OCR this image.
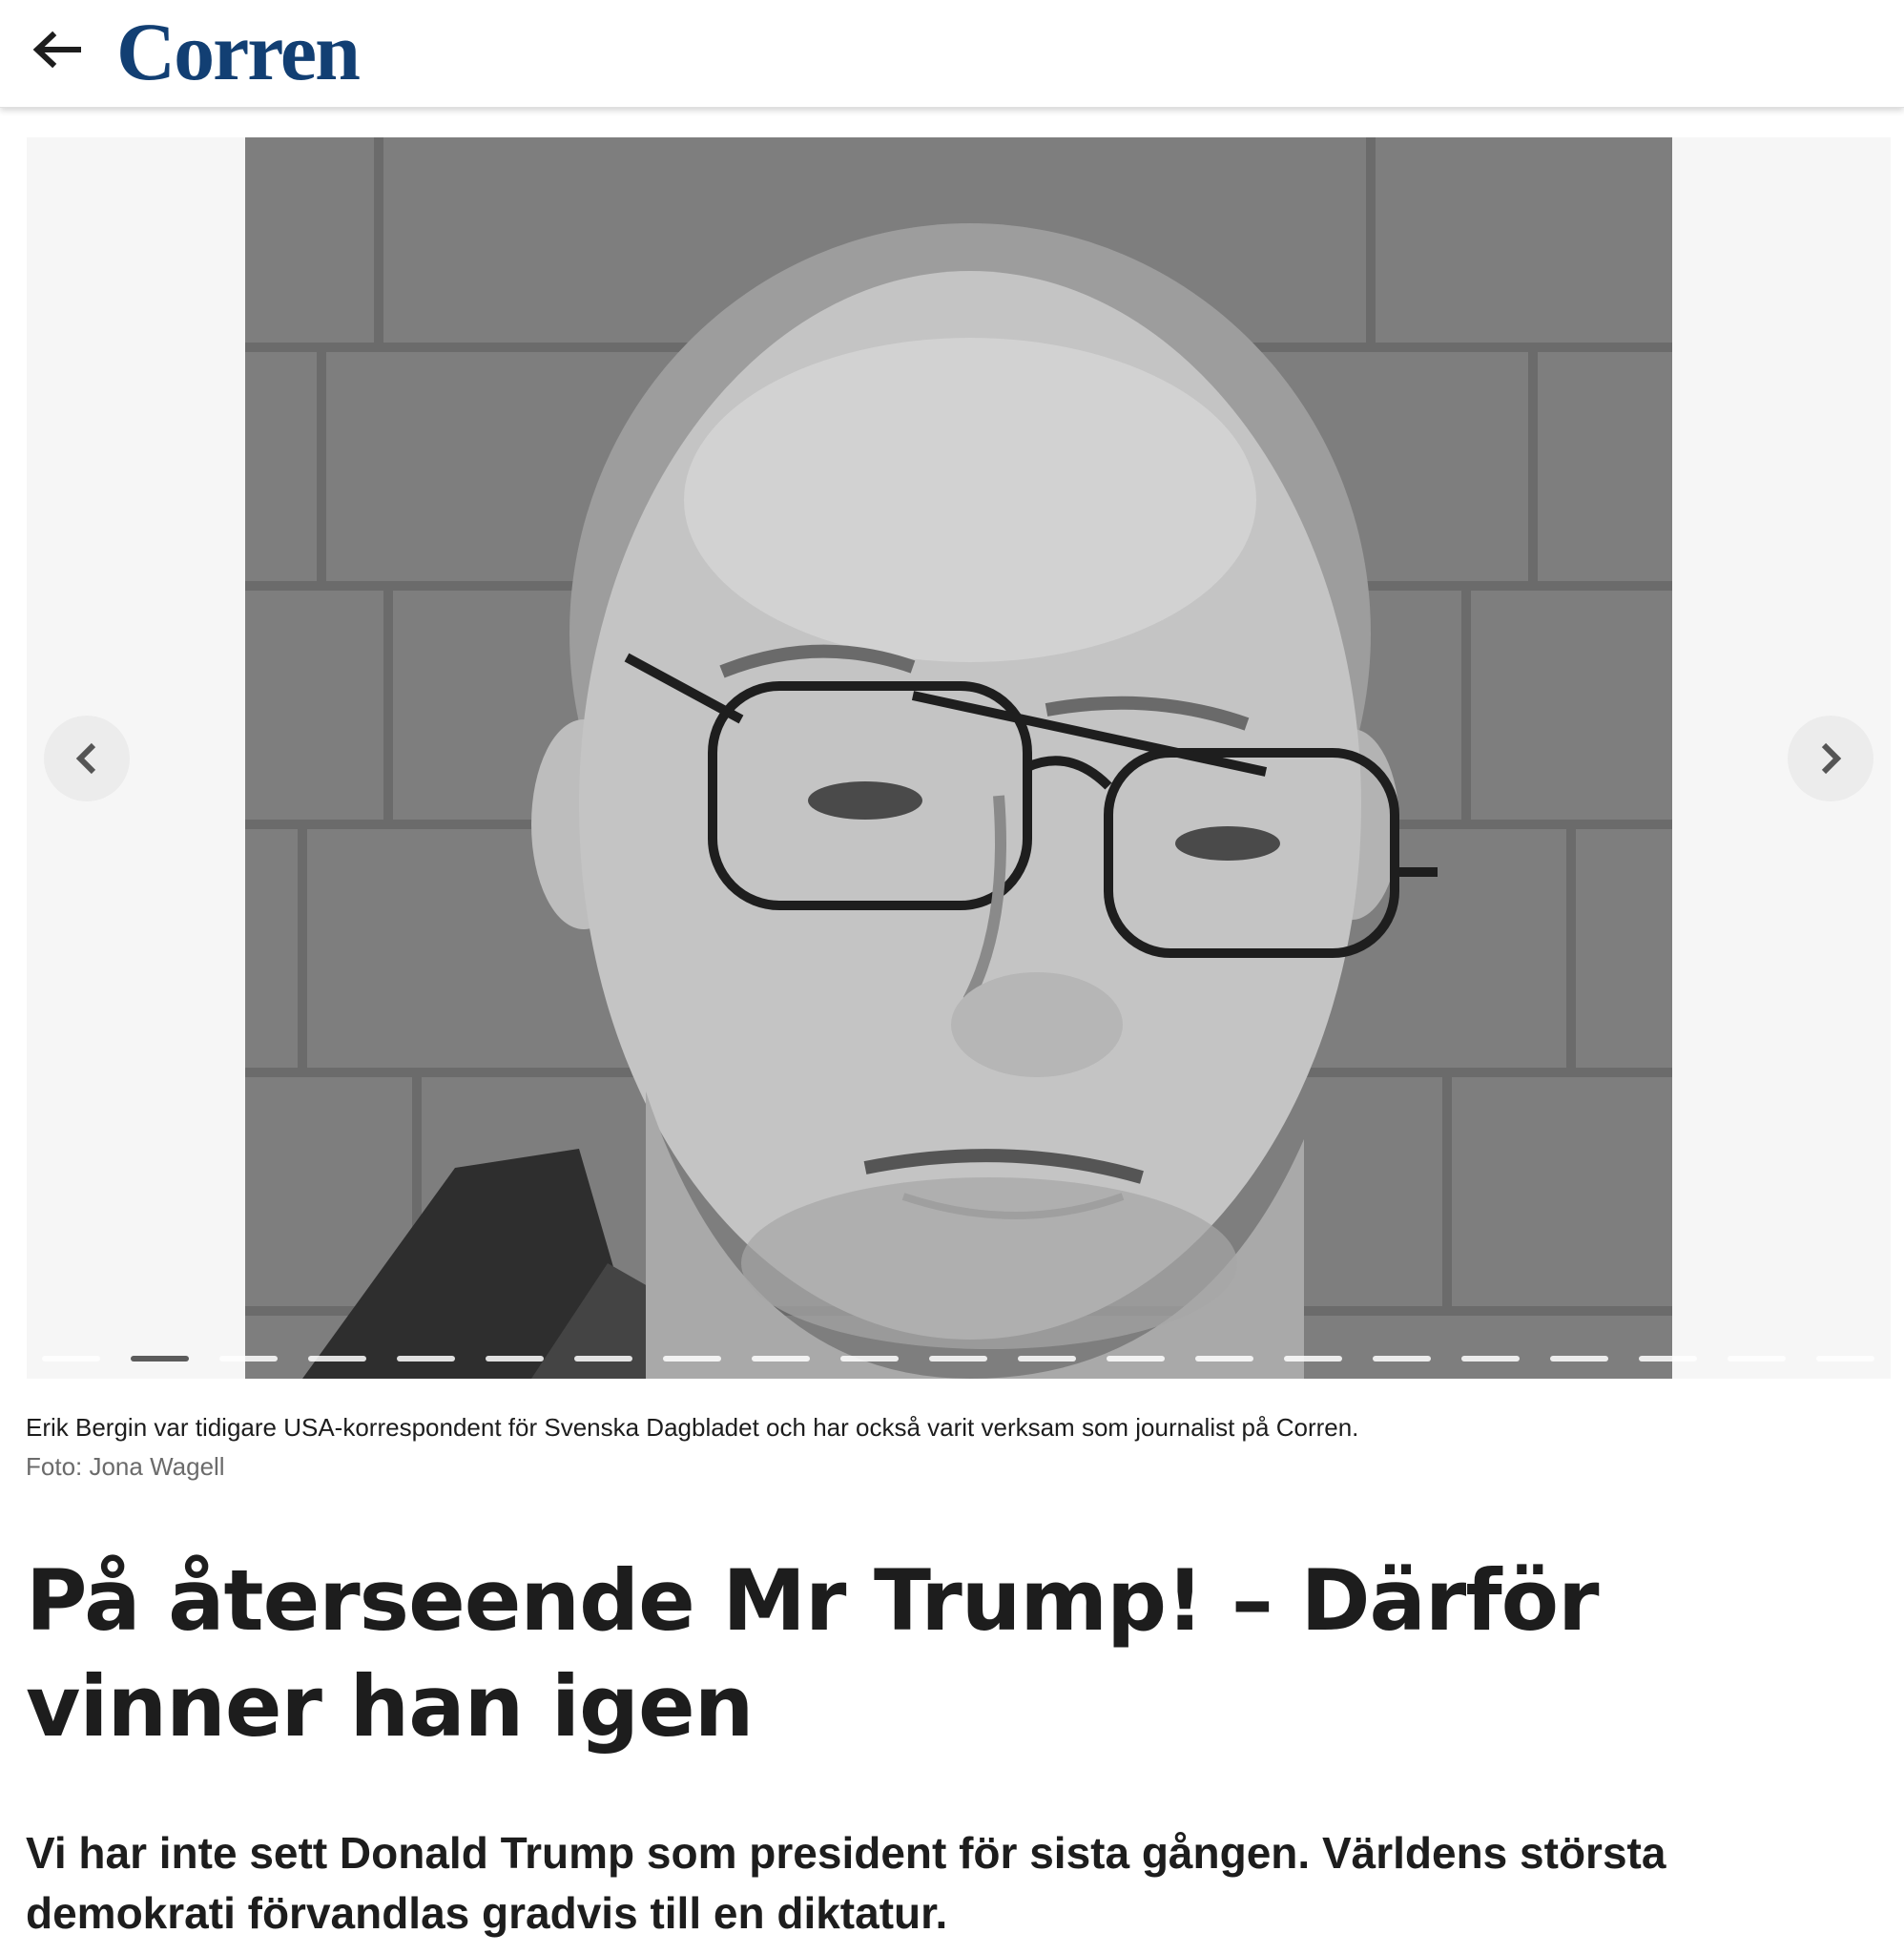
Corren
Erik Bergin var tidigare USA-korrespondent för Svenska Dagbladet och har också varit verksam som journalist på Corren.
Foto: Jona Wagell
På återseende Mr Trump! – Därför vinner han igen

Vi har inte sett Donald Trump som president för sista gången. Världens största demokrati förvandlas gradvis till en diktatur.
